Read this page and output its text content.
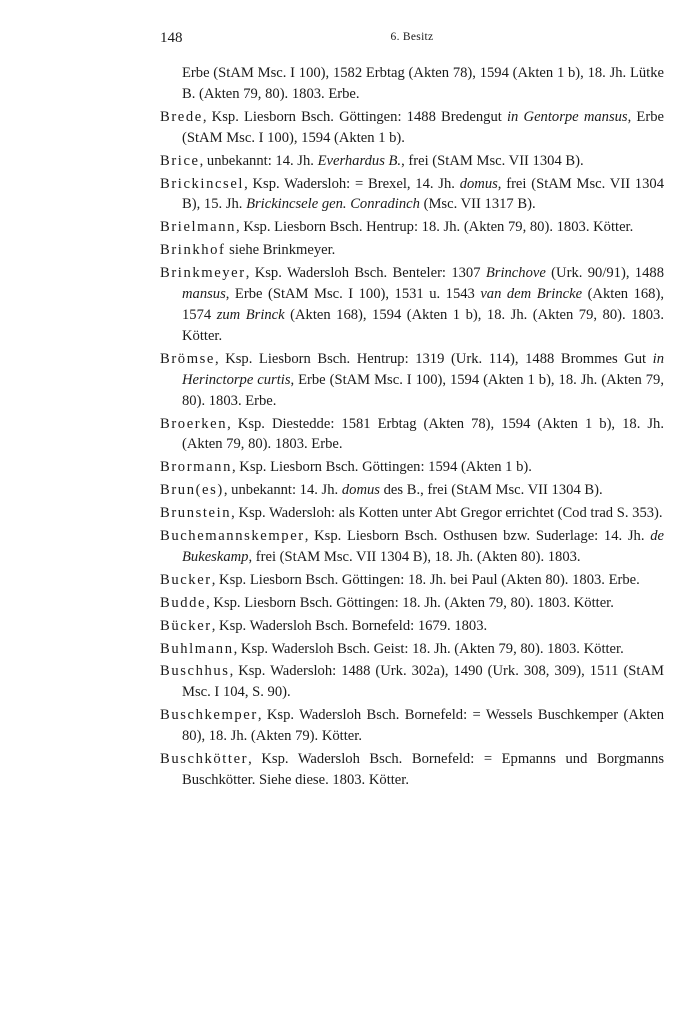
148	6. Besitz

Erbe (StAM Msc. I 100), 1582 Erbtag (Akten 78), 1594 (Akten 1 b), 18. Jh. Lütke B. (Akten 79, 80). 1803. Erbe.

Brede, Ksp. Liesborn Bsch. Göttingen: 1488 Bredengut in Gentorpe mansus, Erbe (StAM Msc. I 100), 1594 (Akten 1 b).

Brice, unbekannt: 14. Jh. Everhardus B., frei (StAM Msc. VII 1304 B).

Brickincsel, Ksp. Wadersloh: = Brexel, 14. Jh. domus, frei (StAM Msc. VII 1304 B), 15. Jh. Brickincsele gen. Conradinch (Msc. VII 1317 B).

Brielmann, Ksp. Liesborn Bsch. Hentrup: 18. Jh. (Akten 79, 80). 1803. Kötter.

Brinkhof siehe Brinkmeyer.

Brinkmeyer, Ksp. Wadersloh Bsch. Benteler: 1307 Brinchove (Urk. 90/91), 1488 mansus, Erbe (StAM Msc. I 100), 1531 u. 1543 van dem Brincke (Akten 168), 1574 zum Brinck (Akten 168), 1594 (Akten 1 b), 18. Jh. (Akten 79, 80). 1803. Kötter.

Brömse, Ksp. Liesborn Bsch. Hentrup: 1319 (Urk. 114), 1488 Brommes Gut in Herinctorpe curtis, Erbe (StAM Msc. I 100), 1594 (Akten 1 b), 18. Jh. (Akten 79, 80). 1803. Erbe.

Broerken, Ksp. Diestedde: 1581 Erbtag (Akten 78), 1594 (Akten 1 b), 18. Jh. (Akten 79, 80). 1803. Erbe.

Brormann, Ksp. Liesborn Bsch. Göttingen: 1594 (Akten 1 b).

Brun(es), unbekannt: 14. Jh. domus des B., frei (StAM Msc. VII 1304 B).

Brunstein, Ksp. Wadersloh: als Kotten unter Abt Gregor errichtet (Cod trad S. 353).

Buchemannskemper, Ksp. Liesborn Bsch. Osthusen bzw. Suderlage: 14. Jh. de Bukeskamp, frei (StAM Msc. VII 1304 B), 18. Jh. (Akten 80). 1803.

Bucker, Ksp. Liesborn Bsch. Göttingen: 18. Jh. bei Paul (Akten 80). 1803. Erbe.

Budde, Ksp. Liesborn Bsch. Göttingen: 18. Jh. (Akten 79, 80). 1803. Kötter.

Bücker, Ksp. Wadersloh Bsch. Bornefeld: 1679. 1803.

Buhlmann, Ksp. Wadersloh Bsch. Geist: 18. Jh. (Akten 79, 80). 1803. Kötter.

Buschhus, Ksp. Wadersloh: 1488 (Urk. 302a), 1490 (Urk. 308, 309), 1511 (StAM Msc. I 104, S. 90).

Buschkemper, Ksp. Wadersloh Bsch. Bornefeld: = Wessels Buschkemper (Akten 80), 18. Jh. (Akten 79). Kötter.

Buschkötter, Ksp. Wadersloh Bsch. Bornefeld: = Epmanns und Borgmanns Buschkötter. Siehe diese. 1803. Kötter.
